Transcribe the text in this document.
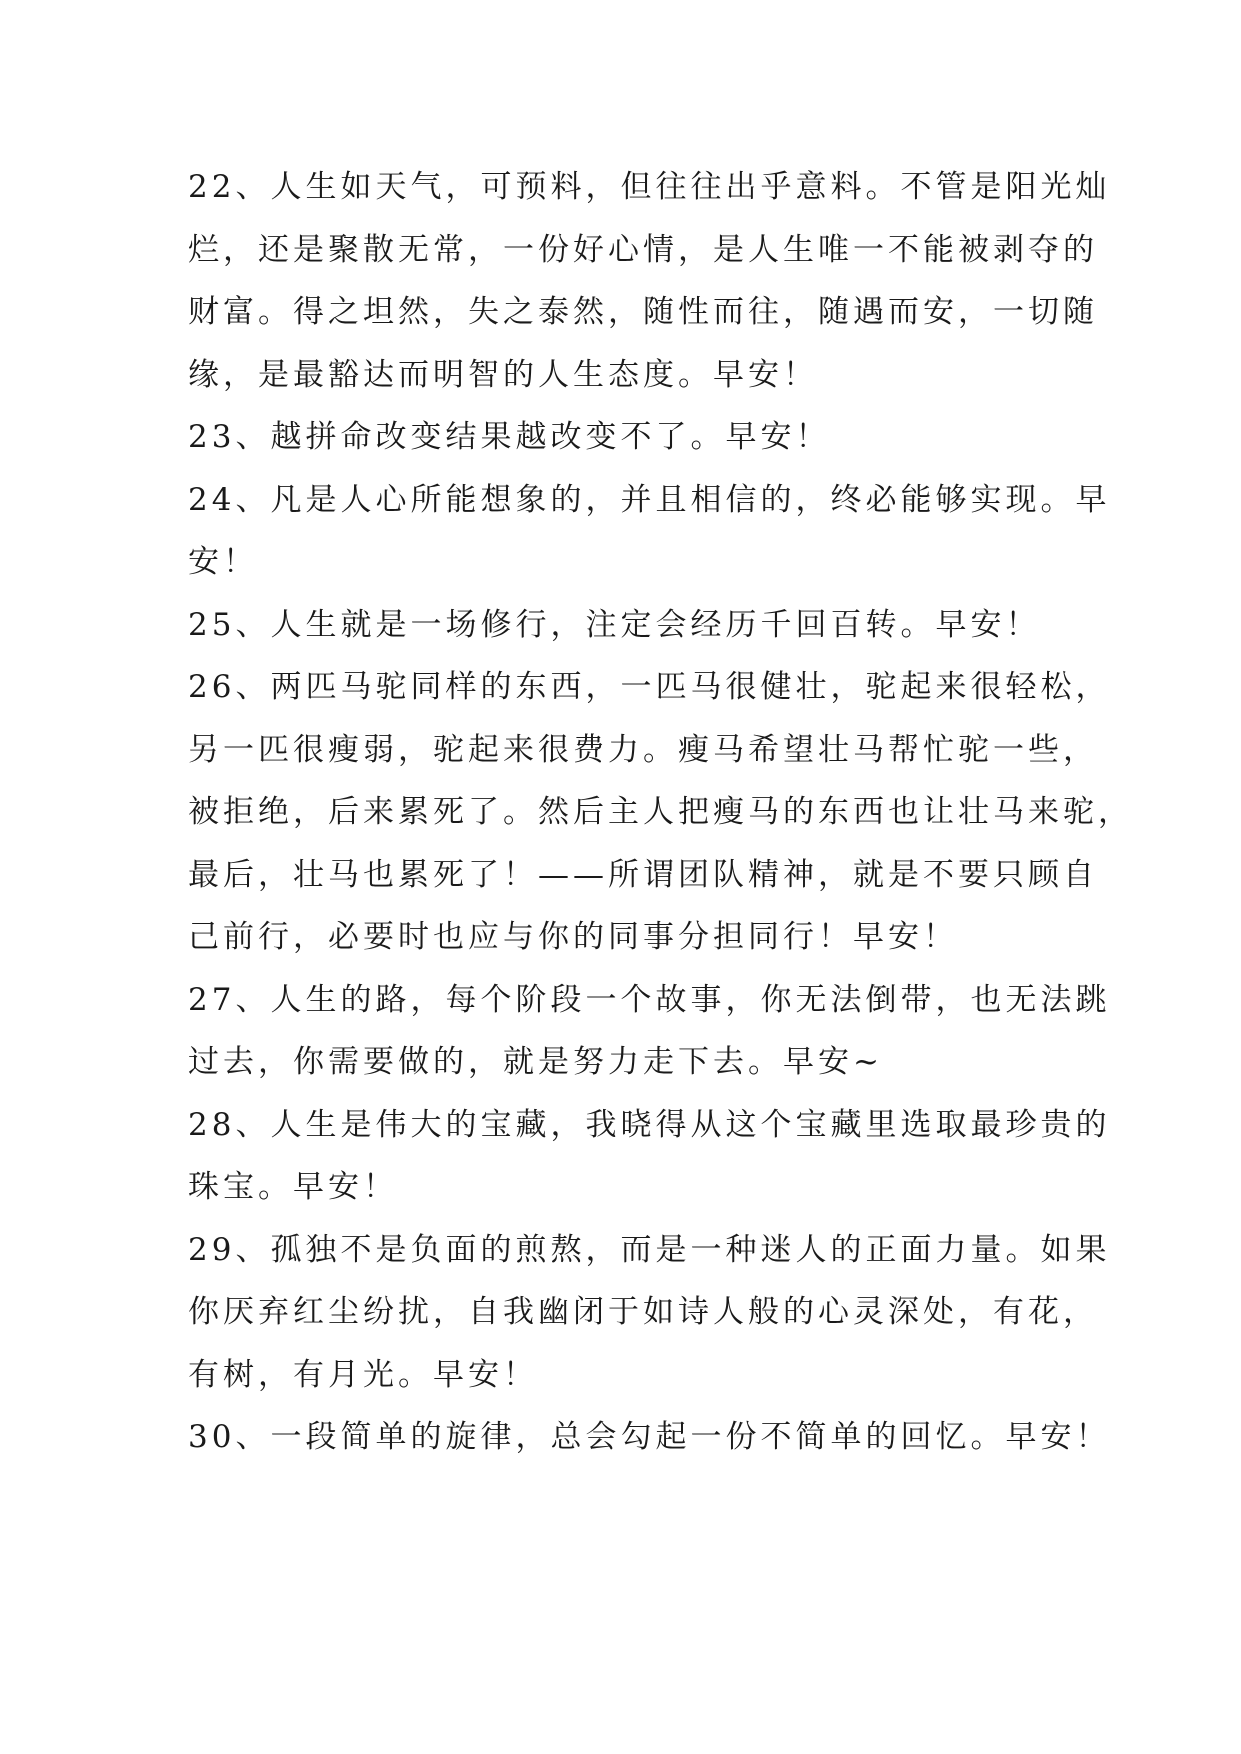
22、人生如天气，可预料，但往往出乎意料。不管是阳光灿
烂，还是聚散无常，一份好心情，是人生唯一不能被剥夺的
财富。得之坦然，失之泰然，随性而往，随遇而安，一切随
缘，是最豁达而明智的人生态度。早安！
23、越拼命改变结果越改变不了。早安！
24、凡是人心所能想象的，并且相信的，终必能够实现。早
安！
25、人生就是一场修行，注定会经历千回百转。早安！
26、两匹马驼同样的东西，一匹马很健壮，驼起来很轻松，
另一匹很瘦弱，驼起来很费力。瘦马希望壮马帮忙驼一些，
被拒绝，后来累死了。然后主人把瘦马的东西也让壮马来驼，
最后，壮马也累死了！——所谓团队精神，就是不要只顾自
己前行，必要时也应与你的同事分担同行！早安！
27、人生的路，每个阶段一个故事，你无法倒带，也无法跳
过去，你需要做的，就是努力走下去。早安~
28、人生是伟大的宝藏，我晓得从这个宝藏里选取最珍贵的
珠宝。早安！
29、孤独不是负面的煎熬，而是一种迷人的正面力量。如果
你厌弃红尘纷扰，自我幽闭于如诗人般的心灵深处，有花，
有树，有月光。早安！
30、一段简单的旋律，总会勾起一份不简单的回忆。早安！
